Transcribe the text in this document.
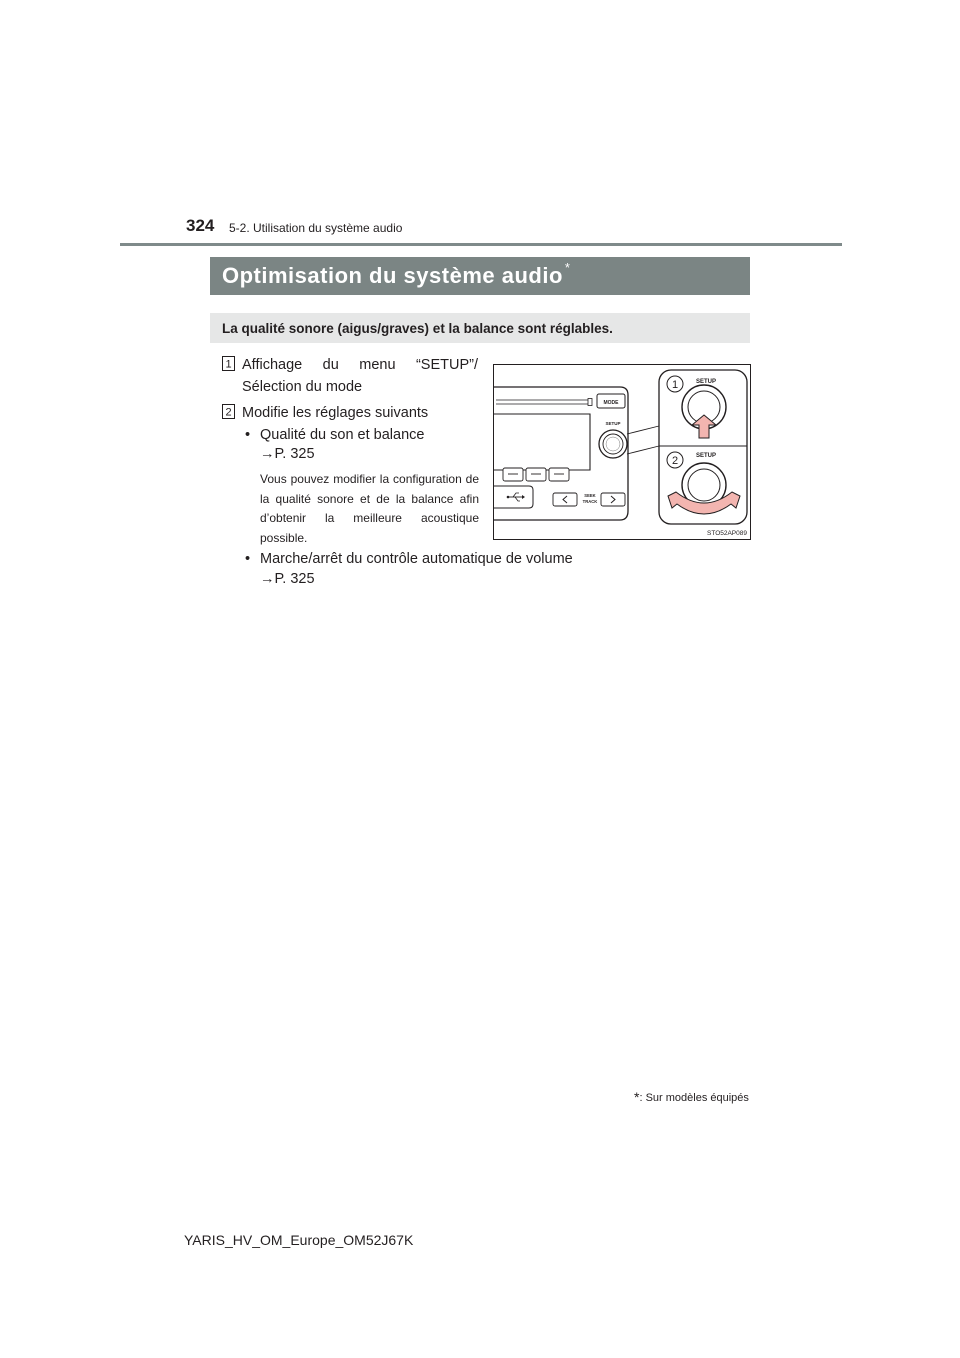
324 5-2. Utilisation du système audio
Optimisation du système audio *
La qualité sonore (aigus/graves) et la balance sont réglables.
1 Affichage du menu “SETUP”/
Sélection du mode
2 Modifie les réglages suivants
• Qualité du son et balance
→P. 325
Vous pouvez modifier la configuration de la qualité sonore et de la balance afin d’obtenir la meilleure acoustique possible.
• Marche/arrêt du contrôle automatique de volume
→P. 325
MODE
SETUP
SEEK
TRACK
1	SETUP
2	SETUP
STO52AP089
*: Sur modèles équipés
YARIS_HV_OM_Europe_OM52J67K
